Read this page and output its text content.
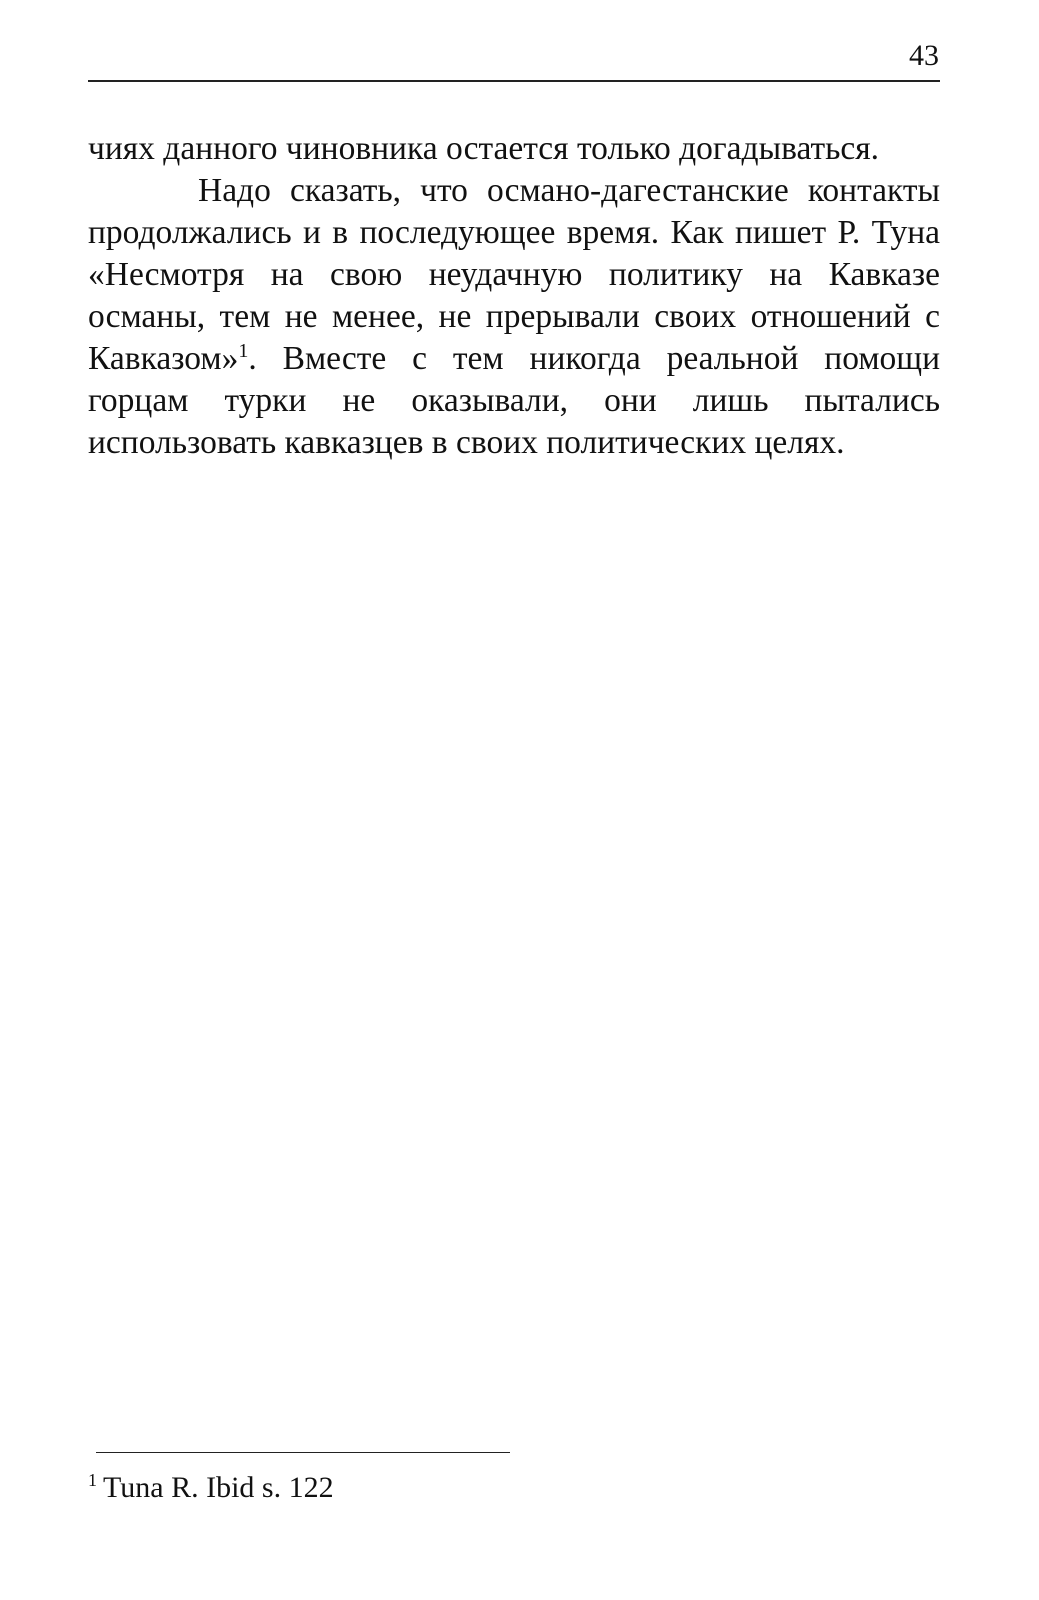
43

чиях данного чиновника остается только догадываться.

Надо сказать, что османо-дагестанские контакты продолжались и в последующее время. Как пишет Р. Туна «Несмотря на свою неудачную политику на Кавказе османы, тем не менее, не прерывали своих отношений с Кавказом»$^1$. Вместе с тем никогда реальной помощи горцам турки не оказывали, они лишь пытались использовать кавказцев в своих политических целях.

$^1$ Tuna R. Ibid s. 122
